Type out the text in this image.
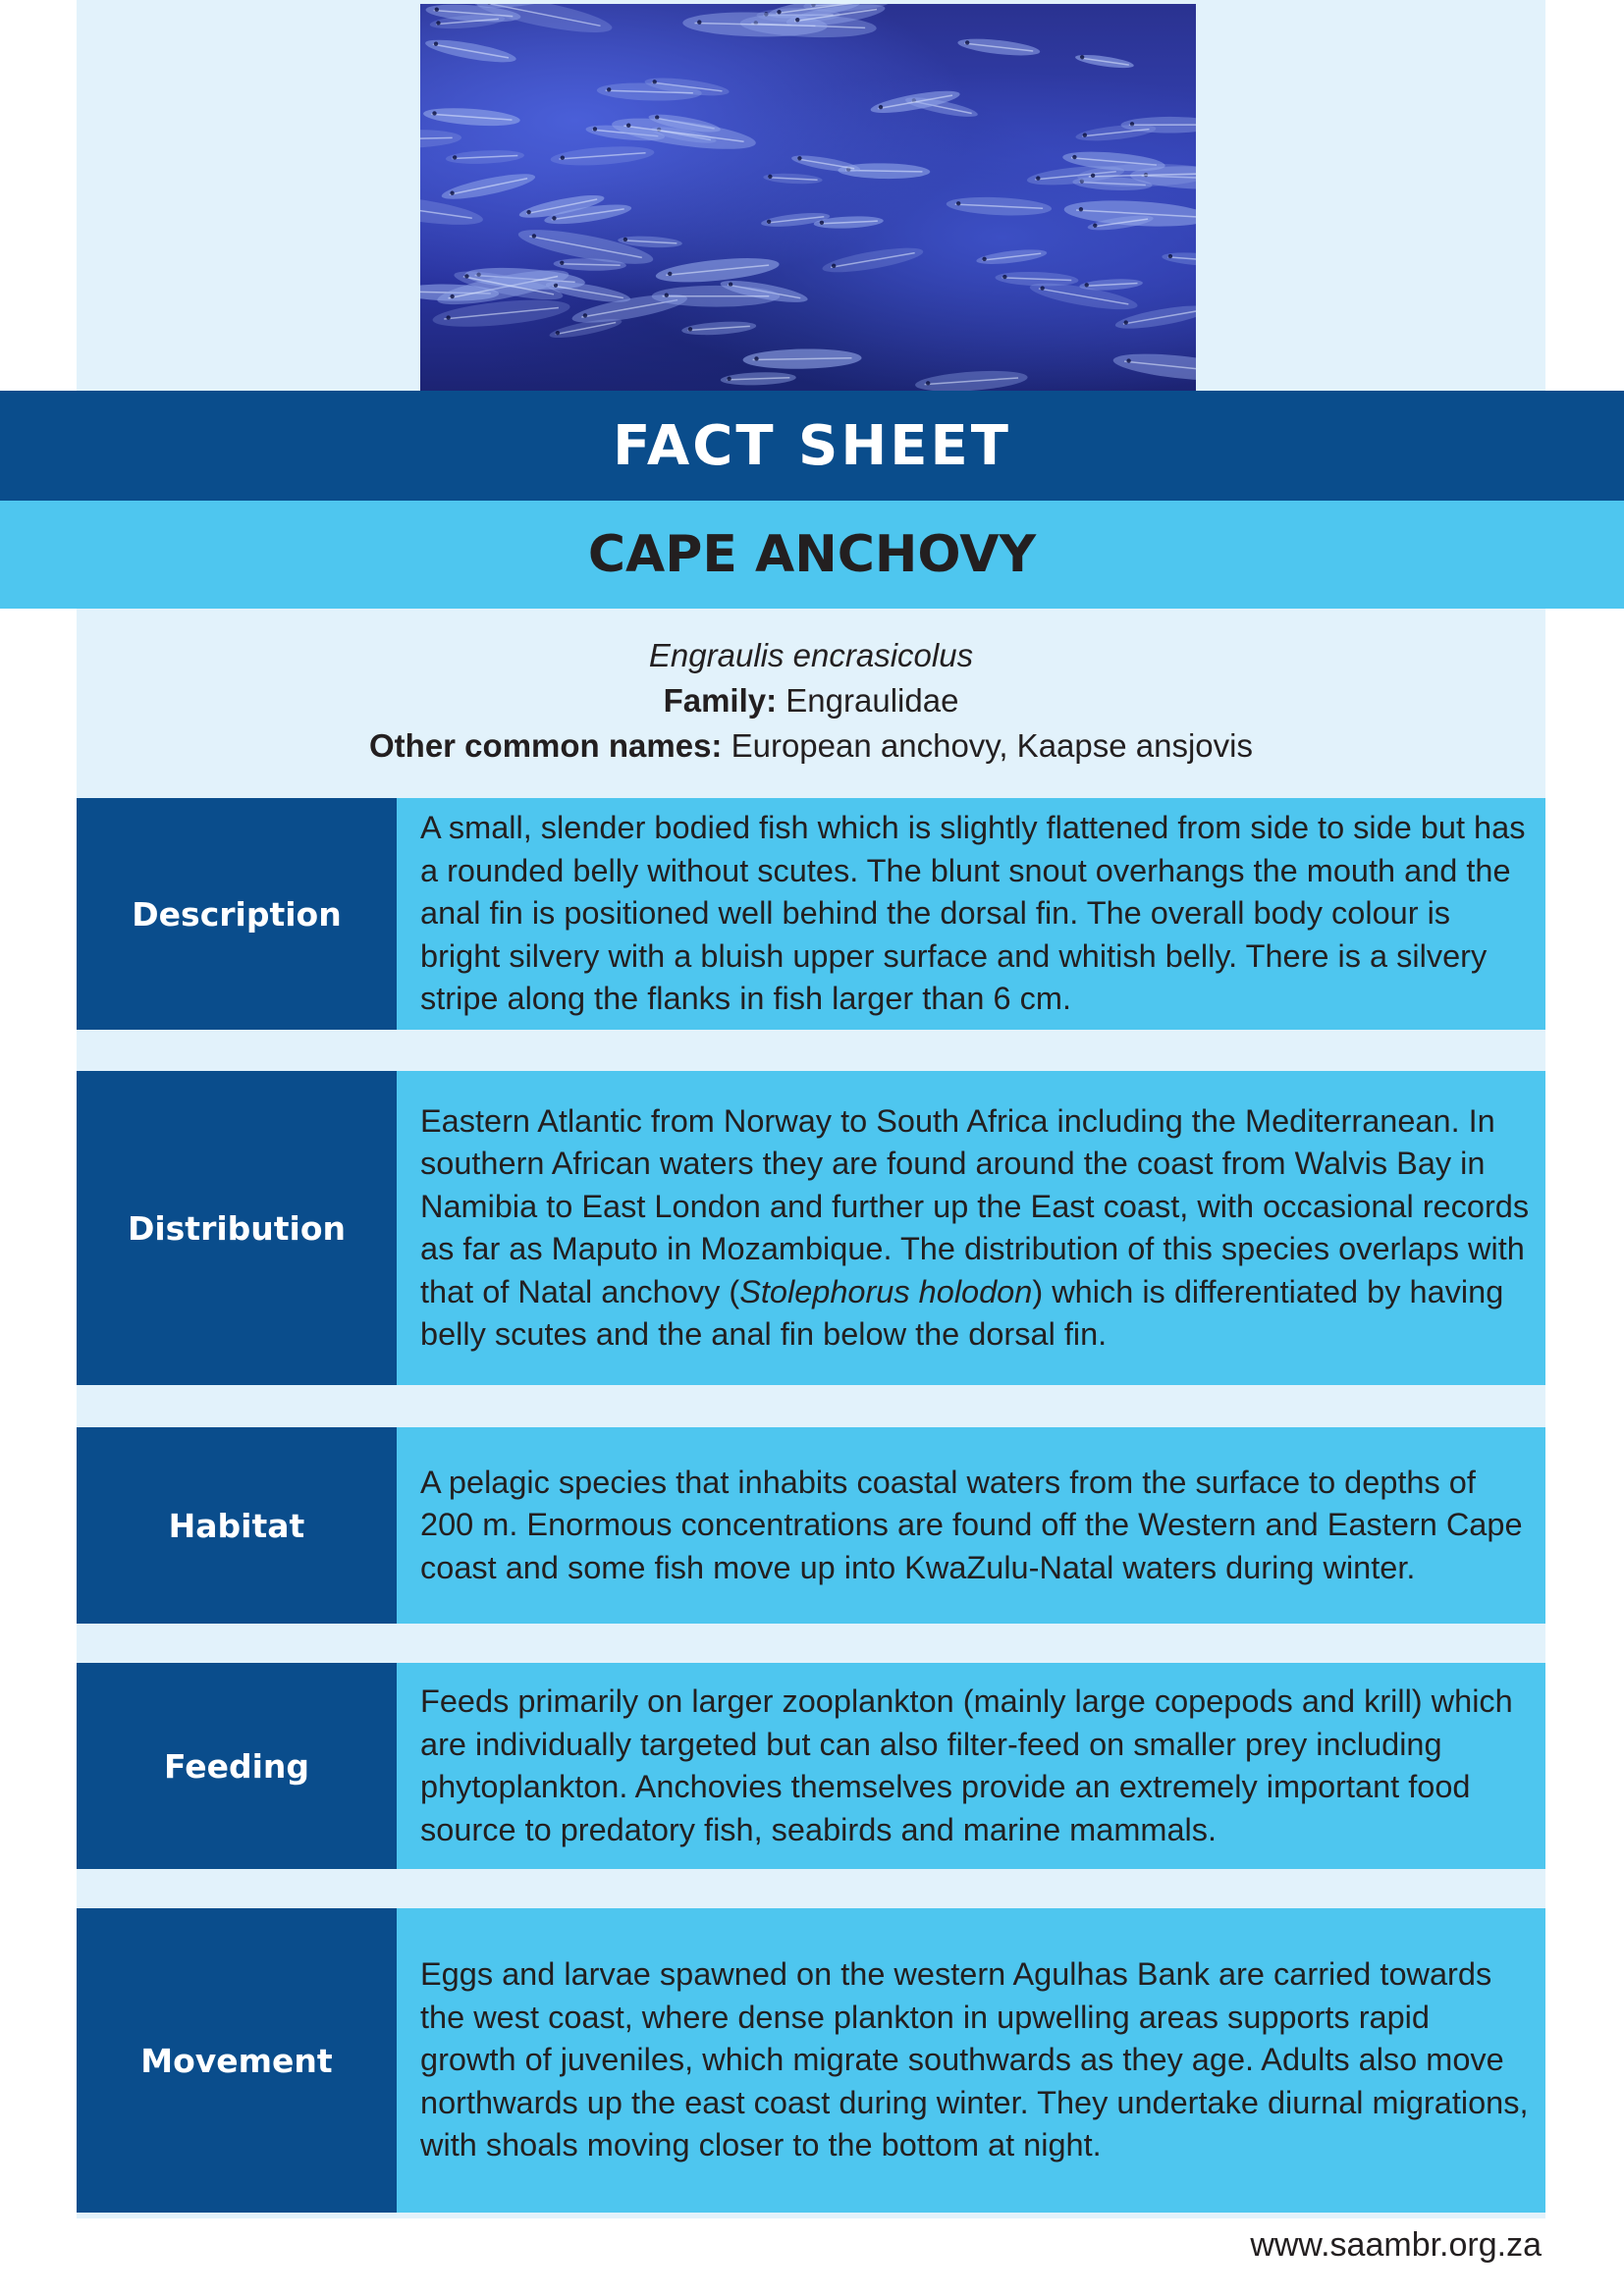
FACT SHEET
CAPE ANCHOVY
Engraulis encrasicolus
Family: Engraulidae
Other common names: European anchovy, Kaapse ansjovis
Description

A small, slender bodied fish which is slightly flattened from side to side but has a rounded belly without scutes. The blunt snout overhangs the mouth and the anal fin is positioned well behind the dorsal fin. The overall body colour is bright silvery with a bluish upper surface and whitish belly. There is a silvery stripe along the flanks in fish larger than 6 cm.

Distribution

Eastern Atlantic from Norway to South Africa including the Mediterranean. In southern African waters they are found around the coast from Walvis Bay in Namibia to East London and further up the East coast, with occasional records as far as Maputo in Mozambique. The distribution of this species overlaps with that of Natal anchovy (Stolephorus holodon) which is differentiated by having belly scutes and the anal fin below the dorsal fin.

Habitat

A pelagic species that inhabits coastal waters from the surface to depths of 200 m. Enormous concentrations are found off the Western and Eastern Cape coast and some fish move up into KwaZulu-Natal waters during winter.

Feeding

Feeds primarily on larger zooplankton (mainly large copepods and krill) which are individually targeted but can also filter-feed on smaller prey including phytoplankton. Anchovies themselves provide an extremely important food source to predatory fish, seabirds and marine mammals.

Movement

Eggs and larvae spawned on the western Agulhas Bank are carried towards the west coast, where dense plankton in upwelling areas supports rapid growth of juveniles, which migrate southwards as they age. Adults also move northwards up the east coast during winter. They undertake diurnal migrations, with shoals moving closer to the bottom at night.

www.saambr.org.za
